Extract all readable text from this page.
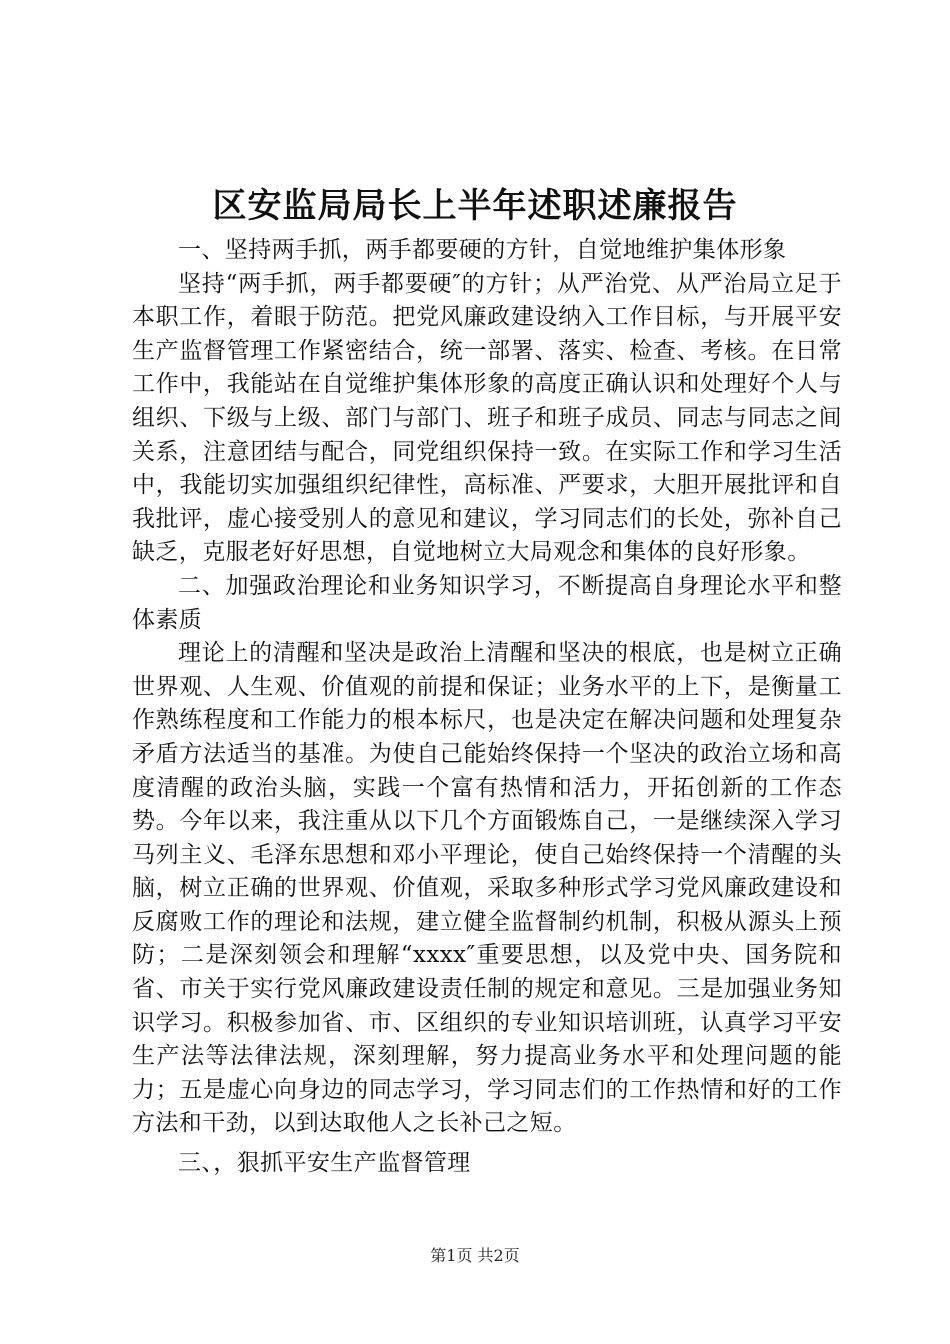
区安监局局长上半年述职述廉报告

一、坚持两手抓，两手都要硬的方针，自觉地维护集体形象

坚持“两手抓，两手都要硬″的方针；从严治党、从严治局立足于本职工作，着眼于防范。把党风廉政建设纳入工作目标，与开展平安生产监督管理工作紧密结合，统一部署、落实、检查、考核。在日常工作中，我能站在自觉维护集体形象的高度正确认识和处理好个人与组织、下级与上级、部门与部门、班子和班子成员、同志与同志之间关系，注意团结与配合，同党组织保持一致。在实际工作和学习生活中，我能切实加强组织纪律性，高标准、严要求，大胆开展批评和自我批评，虚心接受别人的意见和建议，学习同志们的长处，弥补自己缺乏，克服老好好思想，自觉地树立大局观念和集体的良好形象。

二、加强政治理论和业务知识学习，不断提高自身理论水平和整体素质

理论上的清醒和坚决是政治上清醒和坚决的根底，也是树立正确世界观、人生观、价值观的前提和保证；业务水平的上下，是衡量工作熟练程度和工作能力的根本标尺，也是决定在解决问题和处理复杂矛盾方法适当的基准。为使自己能始终保持一个坚决的政治立场和高度清醒的政治头脑，实践一个富有热情和活力，开拓创新的工作态势。今年以来，我注重从以下几个方面锻炼自己，一是继续深入学习马列主义、毛泽东思想和邓小平理论，使自己始终保持一个清醒的头脑，树立正确的世界观、价值观，采取多种形式学习党风廉政建设和反腐败工作的理论和法规，建立健全监督制约机制，积极从源头上预防；二是深刻领会和理解“xxxx″重要思想，以及党中央、国务院和省、市关于实行党风廉政建设责任制的规定和意见。三是加强业务知识学习。积极参加省、市、区组织的专业知识培训班，认真学习平安生产法等法律法规，深刻理解，努力提高业务水平和处理问题的能力；五是虚心向身边的同志学习，学习同志们的工作热情和好的工作方法和干劲，以到达取他人之长补己之短。

三、，狠抓平安生产监督管理

第1页 共2页
